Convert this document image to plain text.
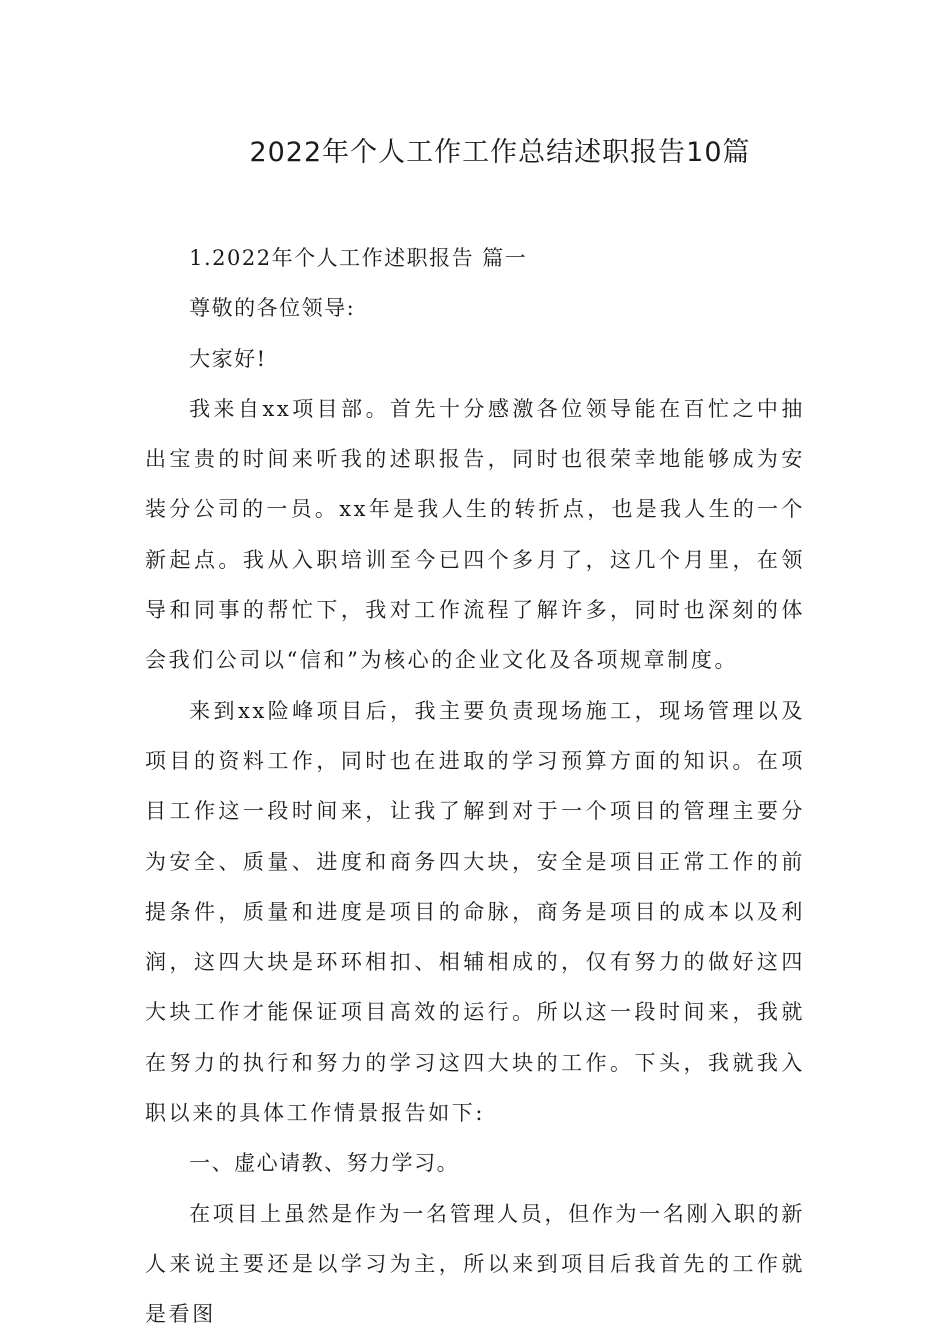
2022年个人工作工作总结述职报告10篇

1.2022年个人工作述职报告 篇一

尊敬的各位领导:

大家好!

我来自xx项目部。首先十分感激各位领导能在百忙之中抽出宝贵的时间来听我的述职报告，同时也很荣幸地能够成为安装分公司的一员。xx年是我人生的转折点，也是我人生的一个新起点。我从入职培训至今已四个多月了，这几个月里，在领导和同事的帮忙下，我对工作流程了解许多，同时也深刻的体会我们公司以“信和”为核心的企业文化及各项规章制度。

来到xx险峰项目后，我主要负责现场施工，现场管理以及项目的资料工作，同时也在进取的学习预算方面的知识。在项目工作这一段时间来，让我了解到对于一个项目的管理主要分为安全、质量、进度和商务四大块，安全是项目正常工作的前提条件，质量和进度是项目的命脉，商务是项目的成本以及利润，这四大块是环环相扣、相辅相成的，仅有努力的做好这四大块工作才能保证项目高效的运行。所以这一段时间来，我就在努力的执行和努力的学习这四大块的工作。下头，我就我入职以来的具体工作情景报告如下:

一、虚心请教、努力学习。

在项目上虽然是作为一名管理人员，但作为一名刚入职的新人来说主要还是以学习为主，所以来到项目后我首先的工作就是看图
